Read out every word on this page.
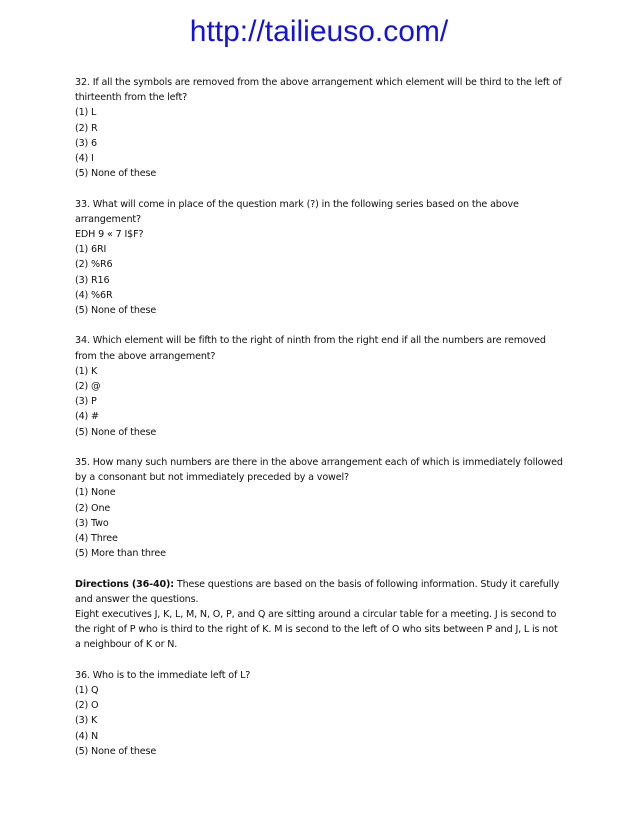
http://tailieuso.com/
32. If all the symbols are removed from the above arrangement which element will be third to the left of
thirteenth from the left?
(1) L
(2) R
(3) 6
(4) I
(5) None of these
33. What will come in place of the question mark (?) in the following series based on the above
arrangement?
EDH 9 « 7 I$F?
(1) 6RI
(2) %R6
(3) R16
(4) %6R
(5) None of these
34. Which element will be fifth to the right of ninth from the right end if all the numbers are removed
from the above arrangement?
(1) K
(2) @
(3) P
(4) #
(5) None of these
35. How many such numbers are there in the above arrangement each of which is immediately followed
by a consonant but not immediately preceded by a vowel?
(1) None
(2) One
(3) Two
(4) Three
(5) More than three
Directions (36-40): These questions are based on the basis of following information. Study it carefully
and answer the questions.
Eight executives J, K, L, M, N, O, P, and Q are sitting around a circular table for a meeting. J is second to
the right of P who is third to the right of K. M is second to the left of O who sits between P and J, L is not
a neighbour of K or N.
36. Who is to the immediate left of L?
(1) Q
(2) O
(3) K
(4) N
(5) None of these
